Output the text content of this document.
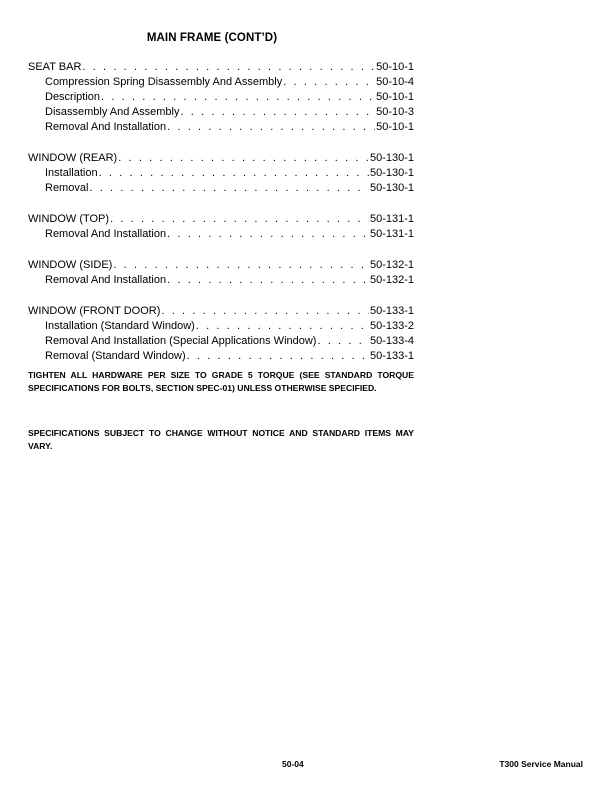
MAIN FRAME (CONT’D)
SEAT BAR . . .	50-10-1
Compression Spring Disassembly And Assembly . . .	50-10-4
Description . . .	50-10-1
Disassembly And Assembly . . .	50-10-3
Removal And Installation . . .	50-10-1
WINDOW (REAR) . . .	50-130-1
Installation . . .	50-130-1
Removal . . .	50-130-1
WINDOW (TOP) . . .	50-131-1
Removal And Installation . . .	50-131-1
WINDOW (SIDE) . . .	50-132-1
Removal And Installation . . .	50-132-1
WINDOW (FRONT DOOR) . . .	50-133-1
Installation (Standard Window) . . .	50-133-2
Removal And Installation (Special Applications Window) . . .	50-133-4
Removal (Standard Window) . . .	50-133-1
TIGHTEN ALL HARDWARE PER SIZE TO GRADE 5 TORQUE (SEE STANDARD TORQUE SPECIFICATIONS FOR BOLTS, SECTION SPEC-01) UNLESS OTHERWISE SPECIFIED.
SPECIFICATIONS SUBJECT TO CHANGE WITHOUT NOTICE AND STANDARD ITEMS MAY VARY.
50-04	T300 Service Manual
